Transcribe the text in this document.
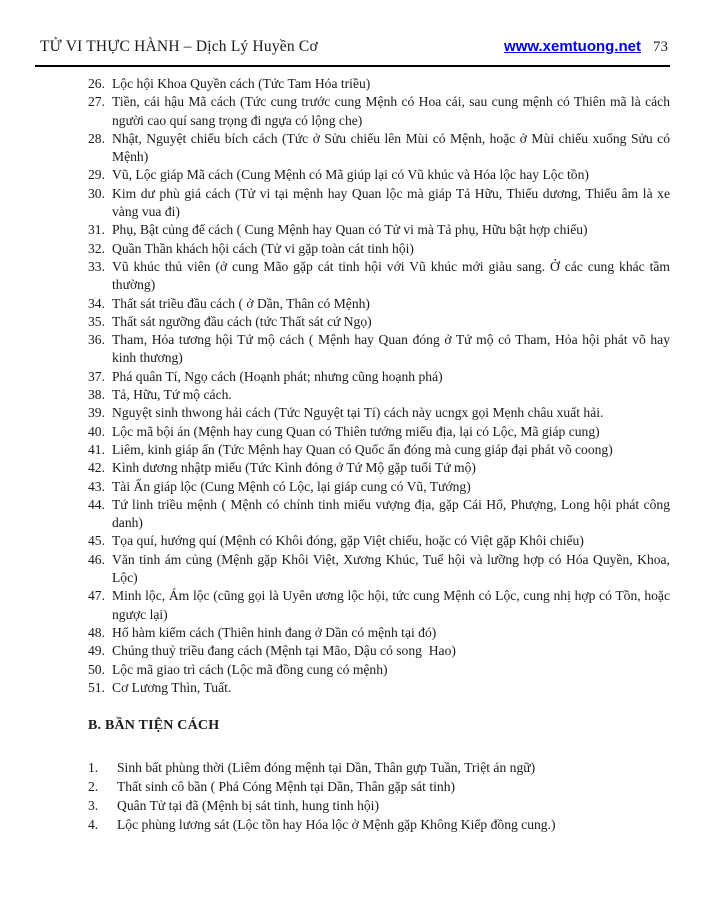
TỬ VI THỰC HÀNH – Dịch Lý Huyền Cơ	www.xemtuong.net 73
26. Lộc hội Khoa Quyền cách (Tức Tam Hóa triều)
27. Tiền, cái hậu Mã cách (Tức cung trước cung Mệnh có Hoa cái, sau cung mệnh có Thiên mã là cách người cao quí sang trọng đi ngựa có lộng che)
28. Nhật, Nguyệt chiếu bích cách (Tức ở Sửu chiếu lên Mùi có Mệnh, hoặc ở Mùi chiếu xuống Sửu có Mệnh)
29. Vũ, Lộc giáp Mã cách (Cung Mệnh có Mã giúp lại có Vũ khúc và Hóa lộc hay Lộc tồn)
30. Kim dư phù giá cách (Tử vi tại mệnh hay Quan lộc mà giáp Tả Hữu, Thiếu dương, Thiếu âm là xe vàng vua đi)
31. Phụ, Bật củng đế cách ( Cung Mệnh hay Quan có Tử vi mà Tả phụ, Hữu bật hợp chiếu)
32. Quần Thần khách hội cách (Tử vi gặp toàn cát tinh hội)
33. Vũ khúc thủ viên (ở cung Mão gặp cát tinh hội với Vũ khúc mới giàu sang. Ở các cung khác tầm thường)
34. Thất sát triều đầu cách ( ở Dần, Thân có Mệnh)
35. Thất sát ngưỡng đầu cách (tức Thất sát cứ Ngọ)
36. Tham, Hỏa tương hội Tứ mộ cách ( Mệnh hay Quan đóng ở Tứ mộ có Tham, Hỏa hội phát võ hay kinh thương)
37. Phá quân Tí, Ngọ cách (Hoạnh phát; nhưng cũng hoạnh phá)
38. Tả, Hữu, Tứ mộ cách.
39. Nguyệt sinh thwong hải cách (Tức Nguyệt tại Tí) cách này ucngx gọi Mẹnh châu xuất hải.
40. Lộc mã bội án (Mệnh hay cung Quan có Thiên tướng miếu địa, lại có Lộc, Mã giáp cung)
41. Liêm, kinh giáp ấn (Tức Mệnh hay Quan có Quốc ấn đóng mà cung giáp đại phát võ coong)
42. Kình dương nhậtp miếu (Tức Kình đóng ở Tứ Mộ gặp tuổi Tứ mộ)
43. Tài Ấn giáp lộc (Cung Mệnh có Lộc, lại giáp cung có Vũ, Tướng)
44. Tứ linh triều mệnh ( Mệnh có chính tinh miếu vượng địa, gặp Cái Hổ, Phượng, Long hội phát công danh)
45. Tọa quí, hướng quí (Mệnh có Khôi đóng, gặp Việt chiếu, hoặc có Việt gặp Khôi chiếu)
46. Văn tinh ám củng (Mệnh gặp Khôi Việt, Xương Khúc, Tuế hội và lưỡng hợp có Hóa Quyền, Khoa, Lộc)
47. Minh lộc, Ám lộc (cũng gọi là Uyên ương lộc hội, tức cung Mệnh có Lộc, cung nhị hợp có Tồn, hoặc ngược lại)
48. Hổ hàm kiếm cách (Thiên hinh đang ở Dần có mệnh tại đó)
49. Chúng thuỷ triều đang cách (Mệnh tại Mão, Dậu có song  Hao)
50. Lộc mã giao trì cách (Lộc mã đồng cung có mệnh)
51. Cơ Lương Thìn, Tuất.
B. BẦN TIỆN CÁCH
1. Sinh bất phùng thời (Liêm đóng mệnh tại Dần, Thân gựp Tuần, Triệt án ngữ)
2. Thất sinh cô bần ( Phá Cóng Mệnh tại Dần, Thân gặp sát tinh)
3. Quân Tử tại đã (Mệnh bị sát tinh, hung tinh hội)
4. Lộc phùng lương sát (Lộc tồn hay Hóa lộc ở Mệnh gặp Không Kiếp đồng cung.)
